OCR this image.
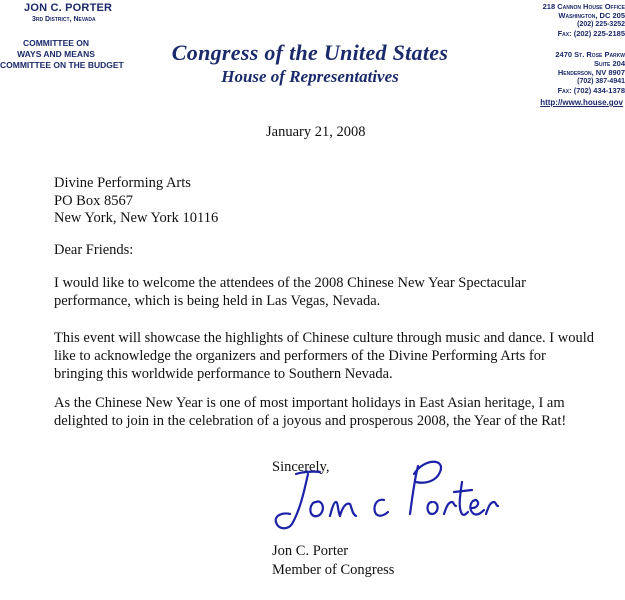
JON C. PORTER
3rd District, Nevada
COMMITTEE ON
WAYS AND MEANS
COMMITTEE ON THE BUDGET	Congress of the United States
House of Representatives
218 Cannon House Office
Washington, DC 205
(202) 225-3252
Fax: (202) 225-2185
2470 St. Rose Parkw
Suite 204
Henderson, NV 8907
(702) 387-4941
Fax: (702) 434-1378
http://www.house.gov
January 21, 2008
Divine Performing Arts
PO Box 8567
New York, New York 10116
Dear Friends:
I would like to welcome the attendees of the 2008 Chinese New Year Spectacular performance, which is being held in Las Vegas, Nevada.
This event will showcase the highlights of Chinese culture through music and dance. I would like to acknowledge the organizers and performers of the Divine Performing Arts for bringing this worldwide performance to Southern Nevada.
As the Chinese New Year is one of most important holidays in East Asian heritage, I am delighted to join in the celebration of a joyous and prosperous 2008, the Year of the Rat!
Sincerely,
Jon C. Porter
Member of Congress
